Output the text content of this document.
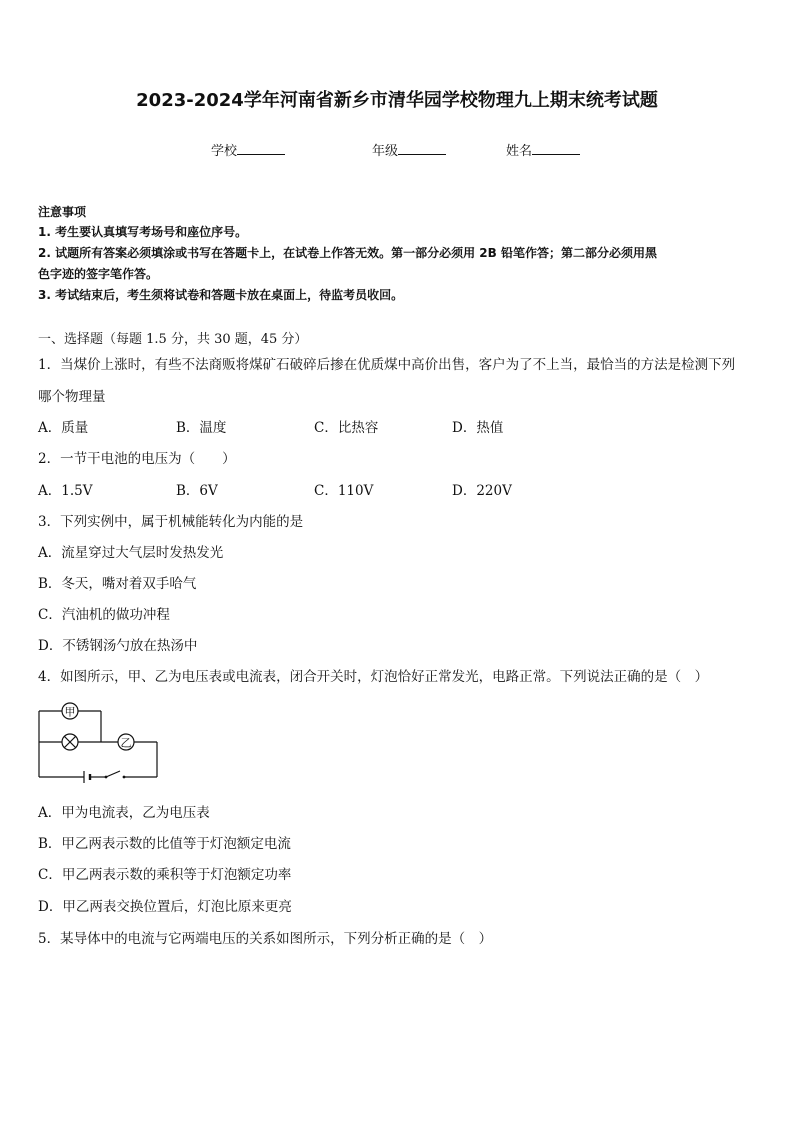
2023-2024学年河南省新乡市清华园学校物理九上期末统考试题
学校	年级	姓名
注意事项
1. 考生要认真填写考场号和座位序号。
2. 试题所有答案必须填涂或书写在答题卡上，在试卷上作答无效。第一部分必须用 2B 铅笔作答；第二部分必须用黑
色字迹的签字笔作答。
3. 考试结束后，考生须将试卷和答题卡放在桌面上，待监考员收回。
一、选择题（每题 1.5 分，共 30 题，45 分）
1．当煤价上涨时，有些不法商贩将煤矿石破碎后掺在优质煤中高价出售，客户为了不上当，最恰当的方法是检测下列
哪个物理量
A．质量	B．温度	C．比热容	D．热值
2．一节干电池的电压为（　　）
A．1.5V	B．6V	C．110V	D．220V
3．下列实例中，属于机械能转化为内能的是
A．流星穿过大气层时发热发光
B．冬天，嘴对着双手哈气
C．汽油机的做功冲程
D．不锈钢汤勺放在热汤中
4．如图所示，甲、乙为电压表或电流表，闭合开关时，灯泡恰好正常发光，电路正常。下列说法正确的是（　）
甲
乙
A．甲为电流表，乙为电压表
B．甲乙两表示数的比值等于灯泡额定电流
C．甲乙两表示数的乘积等于灯泡额定功率
D．甲乙两表交换位置后，灯泡比原来更亮
5．某导体中的电流与它两端电压的关系如图所示，下列分析正确的是（　）
